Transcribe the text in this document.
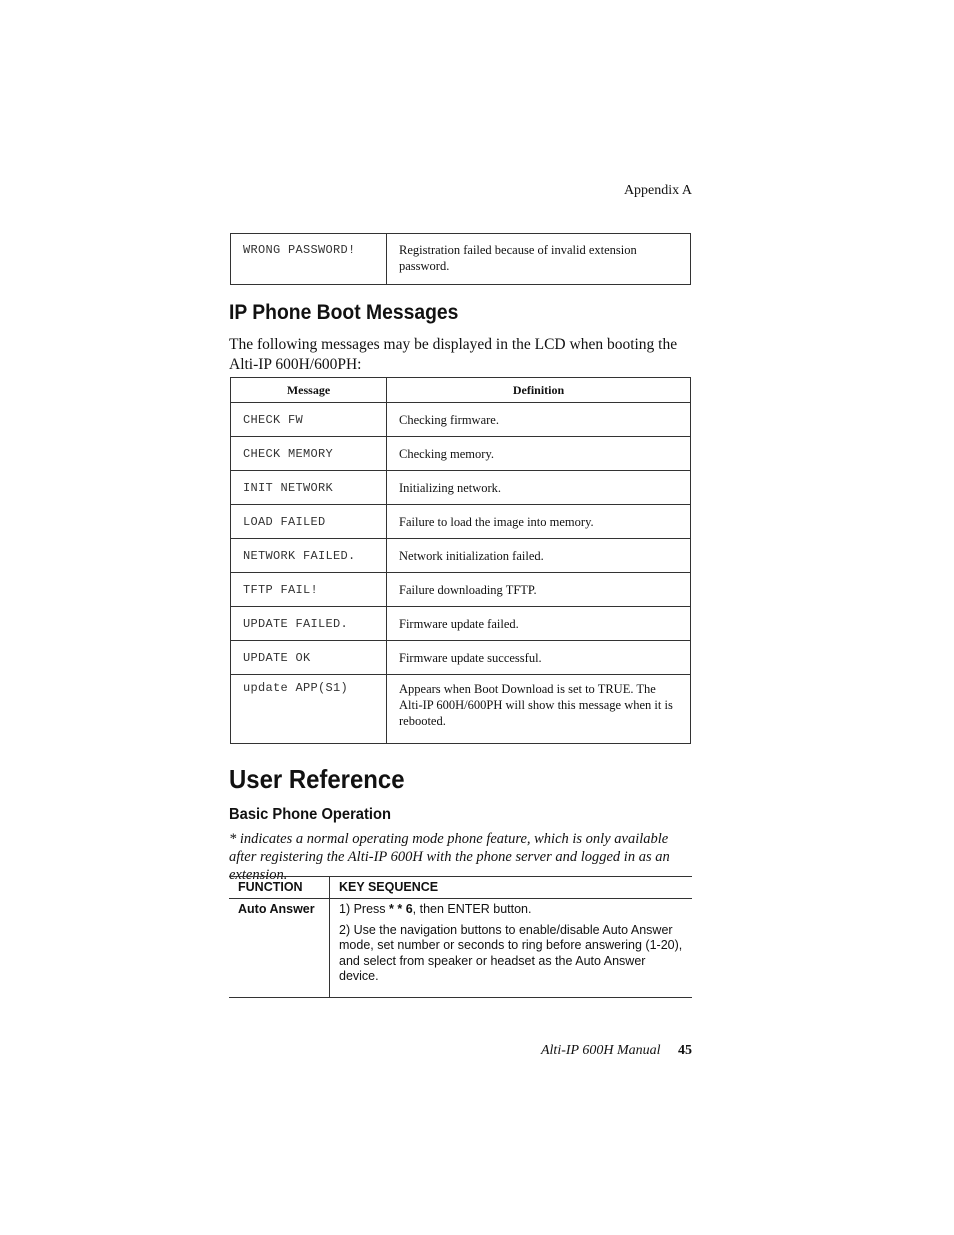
Appendix A
WRONG PASSWORD!	Registration failed because of invalid extension password.
IP Phone Boot Messages

The following messages may be displayed in the LCD when booting the Alti-IP 600H/600PH:

Message	Definition
CHECK FW	Checking firmware.
CHECK MEMORY	Checking memory.
INIT NETWORK	Initializing network.
LOAD FAILED	Failure to load the image into memory.
NETWORK FAILED.	Network initialization failed.
TFTP FAIL!	Failure downloading TFTP.
UPDATE FAILED.	Firmware update failed.
UPDATE OK	Firmware update successful.
update APP(S1)	Appears when Boot Download is set to TRUE. The Alti-IP 600H/600PH will show this message when it is rebooted.
User Reference
Basic Phone Operation

* indicates a normal operating mode phone feature, which is only available after registering the Alti-IP 600H with the phone server and logged in as an extension.

FUNCTION	KEY SEQUENCE
Auto Answer	1) Press * * 6, then ENTER button.

2) Use the navigation buttons to enable/disable Auto Answer mode, set number or seconds to ring before answering (1-20), and select from speaker or headset as the Auto Answer device.

Alti-IP 600H Manual 45
